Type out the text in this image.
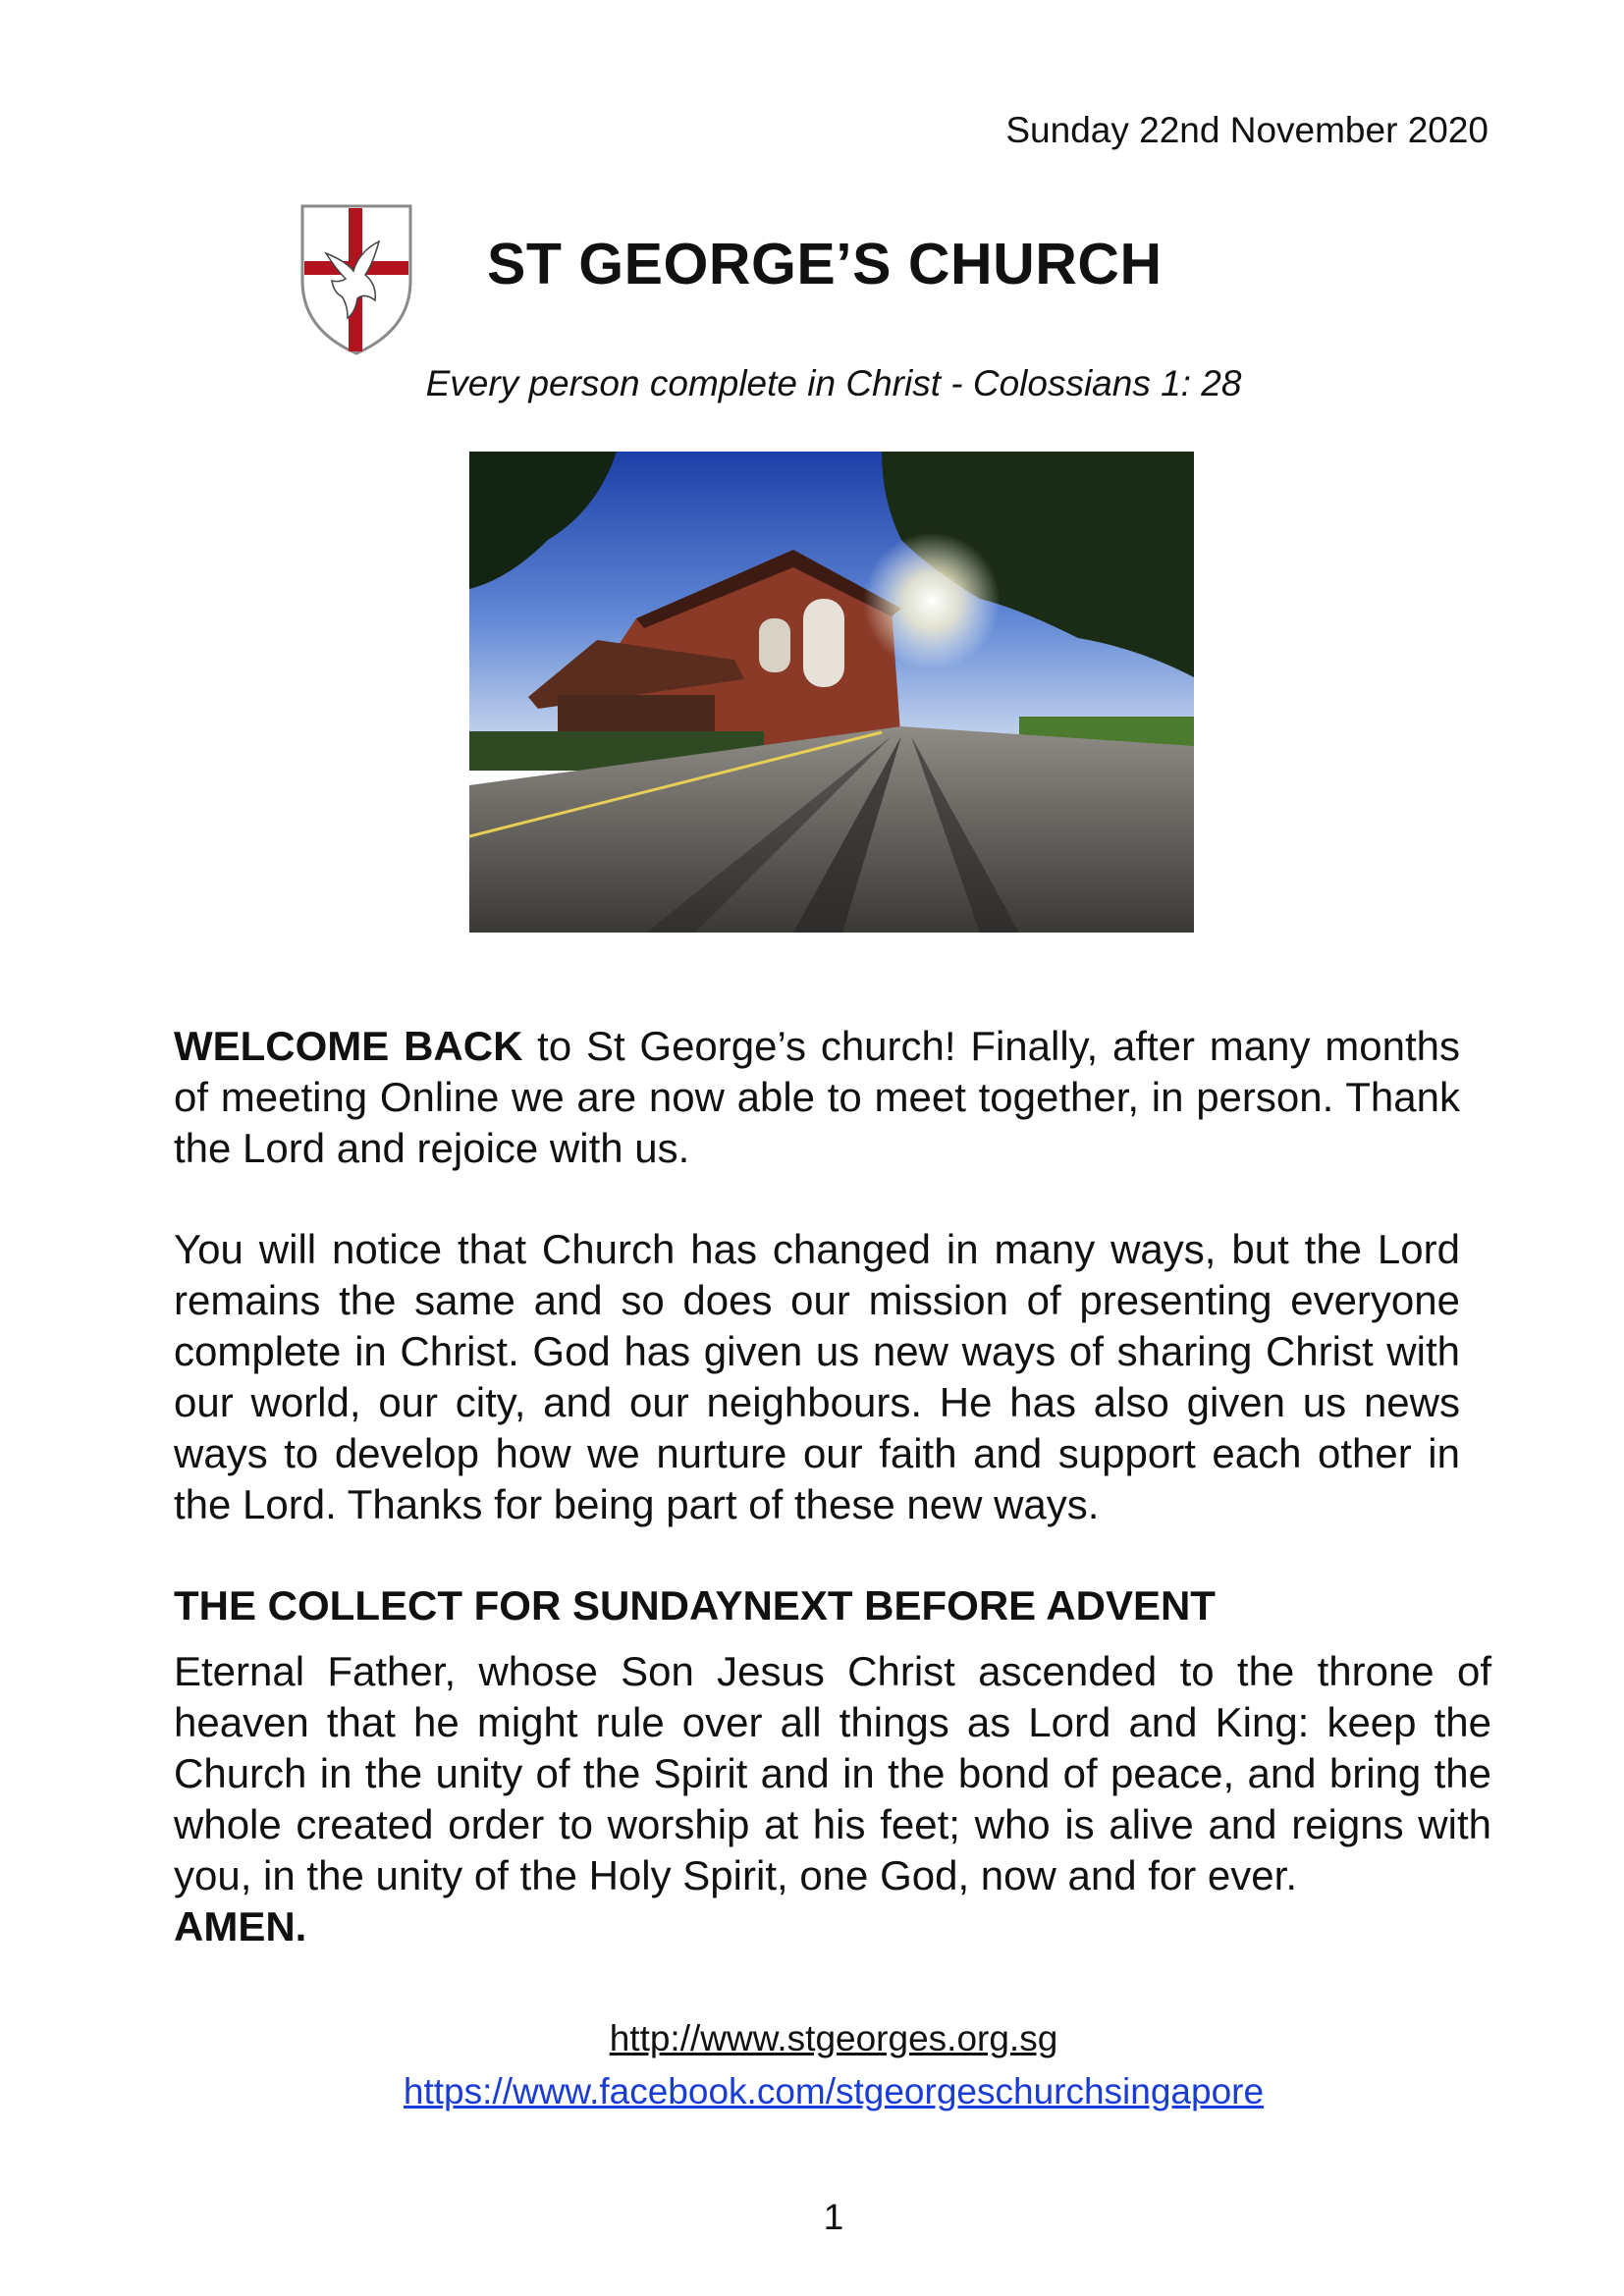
Sunday 22nd November 2020
ST GEORGE’S CHURCH
Every person complete in Christ - Colossians 1: 28
WELCOME BACK to St George’s church! Finally, after many months of meeting Online we are now able to meet together, in person. Thank the Lord and rejoice with us.
You will notice that Church has changed in many ways, but the Lord remains the same and so does our mission of presenting everyone complete in Christ. God has given us new ways of sharing Christ with our world, our city, and our neighbours. He has also given us news ways to develop how we nurture our faith and support each other in the Lord. Thanks for being part of these new ways.
THE COLLECT FOR SUNDAYNEXT BEFORE ADVENT
Eternal Father, whose Son Jesus Christ ascended to the throne of heaven that he might rule over all things as Lord and King: keep the Church in the unity of the Spirit and in the bond of peace, and bring the whole created order to worship at his feet; who is alive and reigns with you, in the unity of the Holy Spirit, one God, now and for ever.
AMEN.
http://www.stgeorges.org.sg
https://www.facebook.com/stgeorgeschurchsingapore
1
